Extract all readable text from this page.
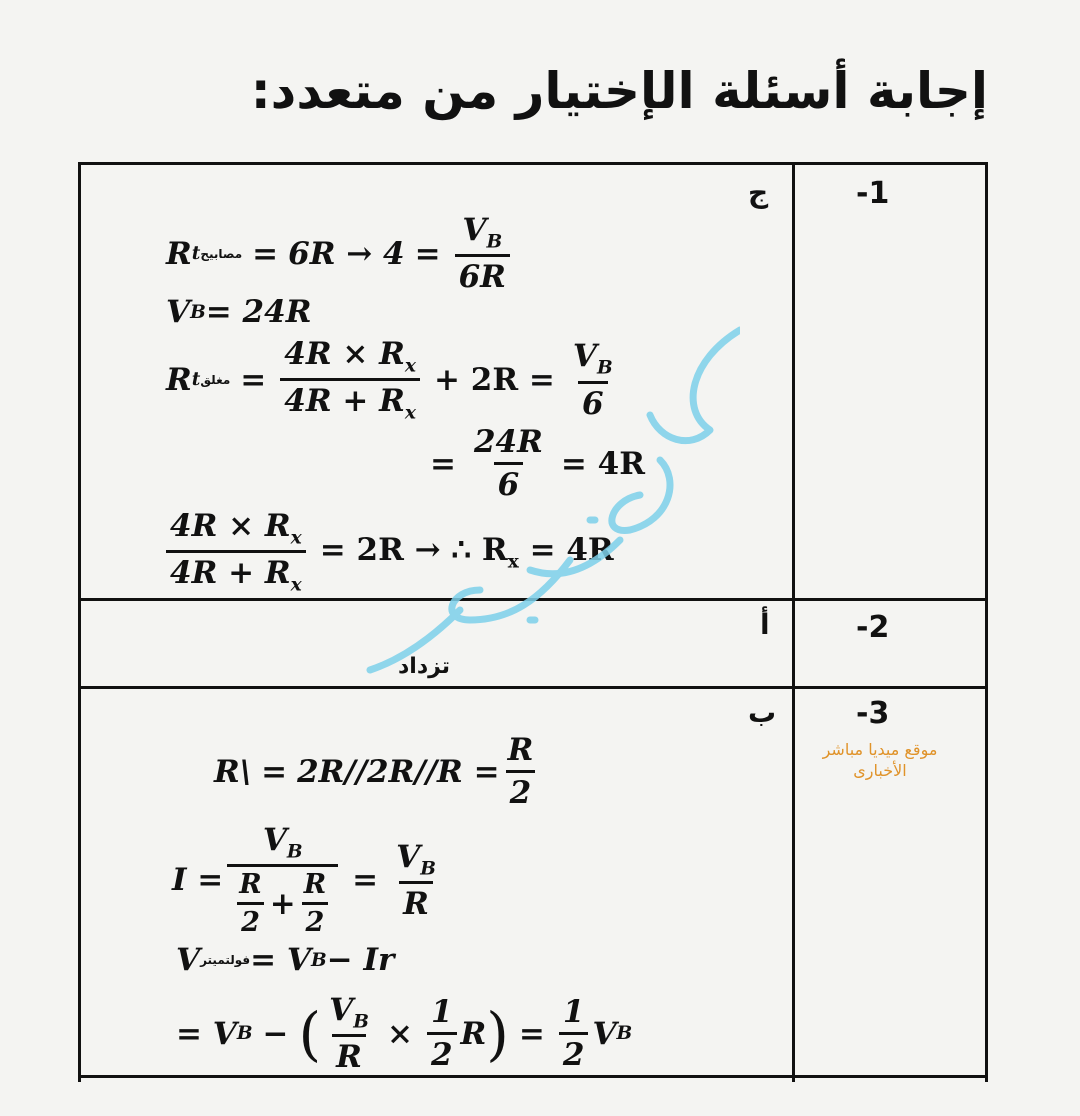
إجابة أسئلة الإختيار من متعدد:
-1
ج
R t مصابيح = $6R \to 4 = \frac{V_B}{6R}$
V B = 24R
R t مغلق = $\frac{4R \times R_x}{4R + R_x} + 2R = \frac{V_B}{6}$
= $\frac{24R}{6} = 4R$
$\frac{4R \times R_x}{4R + R_x} = 2R$ → ∴ $R_x = 4R$
-2
أ
تزداد
-3
ب
R\ = $2R//2R//R = \frac{R}{2}$
$I = \frac{V_B}{\frac{R}{2} + \frac{R}{2}} = \frac{V_B}{R}$
V فولتميتر = V B − Ir
= V B − ( $\frac{V_B}{R} \times \frac{1}{2}$ R ) = $\frac{1}{2}$ V B
موقع ميديا مباشر
الأخبارى
